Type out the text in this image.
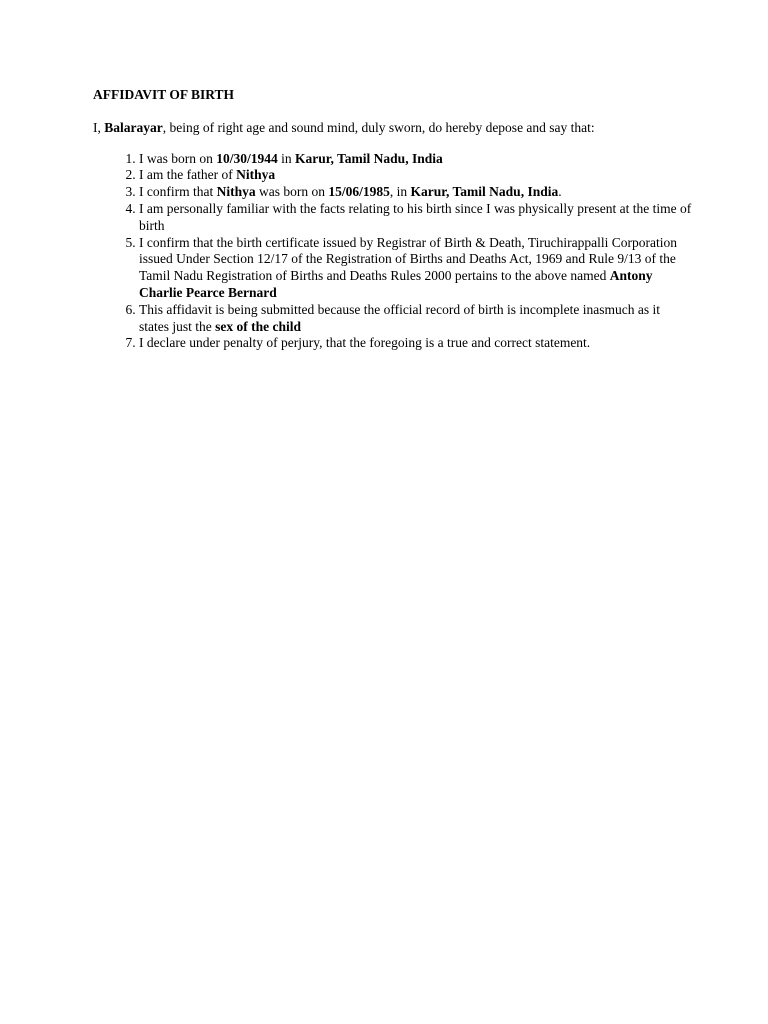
AFFIDAVIT OF BIRTH

I, Balarayar, being of right age and sound mind, duly sworn, do hereby depose and say that:

1. I was born on 10/30/1944 in Karur, Tamil Nadu, India
2. I am the father of Nithya
3. I confirm that Nithya was born on 15/06/1985, in Karur, Tamil Nadu, India.
4. I am personally familiar with the facts relating to his birth since I was physically present at the time of birth
5. I confirm that the birth certificate issued by Registrar of Birth & Death, Tiruchirappalli Corporation issued Under Section 12/17 of the Registration of Births and Deaths Act, 1969 and Rule 9/13 of the Tamil Nadu Registration of Births and Deaths Rules 2000 pertains to the above named Antony Charlie Pearce Bernard
6. This affidavit is being submitted because the official record of birth is incomplete inasmuch as it states just the sex of the child
7. I declare under penalty of perjury, that the foregoing is a true and correct statement.
